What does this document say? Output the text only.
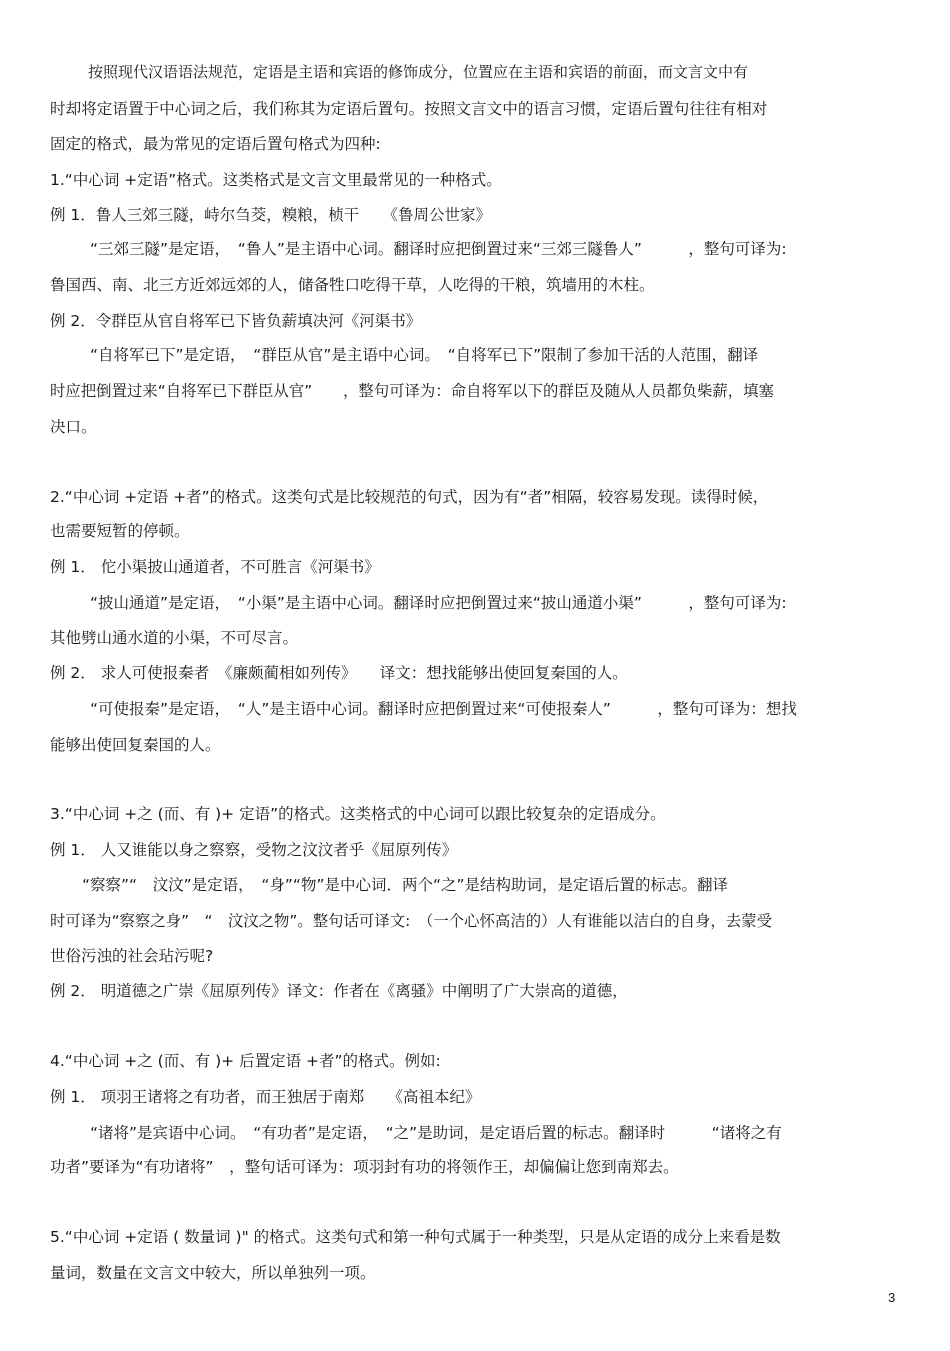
按照现代汉语语法规范，定语是主语和宾语的修饰成分，位置应在主语和宾语的前面，而文言文中有
时却将定语置于中心词之后，我们称其为定语后置句。按照文言文中的语言习惯，定语后置句往往有相对
固定的格式，最为常见的定语后置句格式为四种:
1.“中心词 +定语”格式。这类格式是文言文里最常见的一种格式。
例 1．鲁人三郊三隧，峙尔刍茭，糗粮，桢干　　《鲁周公世家》
“三郊三隧”是定语，　“鲁人”是主语中心词。翻译时应把倒置过来“三郊三隧鲁人”　　　，整句可译为:
鲁国西、南、北三方近郊远郊的人，储备牲口吃得干草，人吃得的干粮，筑墙用的木柱。
例 2．令群臣从官自将军已下皆负薪填决河《河渠书》
“自将军已下”是定语，　“群臣从官”是主语中心词。　“自将军已下”限制了参加干活的人范围，翻译
时应把倒置过来“自将军已下群臣从官”　　，整句可译为：命自将军以下的群臣及随从人员都负柴薪，填塞
决口。
2.“中心词 +定语 +者”的格式。这类句式是比较规范的句式，因为有“者”相隔，较容易发现。读得时候，
也需要短暂的停顿。
例 1． 佗小渠披山通道者，不可胜言《河渠书》
“披山通道”是定语，　“小渠”是主语中心词。翻译时应把倒置过来“披山通道小渠”　　　，整句可译为:
其他劈山通水道的小渠，不可尽言。
例 2． 求人可使报秦者　《廉颇蔺相如列传》　　译文：想找能够出使回复秦国的人。
“可使报秦”是定语，　“人”是主语中心词。翻译时应把倒置过来“可使报秦人”　　　，整句可译为：想找
能够出使回复秦国的人。
3.“中心词 +之 (而、有 )+ 定语”的格式。这类格式的中心词可以跟比较复杂的定语成分。
例 1． 人又谁能以身之察察，受物之汶汶者乎《屈原列传》
“察察”“　汶汶”是定语，　“身”“物”是中心词．两个“之”是结构助词，是定语后置的标志。翻译
时可译为“察察之身”　“　汶汶之物”。整句话可译文:　（一个心怀高洁的）人有谁能以洁白的自身，去蒙受
世俗污浊的社会玷污呢?
例 2． 明道德之广崇《屈原列传》译文：作者在《离骚》中阐明了广大崇高的道德，
4.“中心词 +之 (而、有 )+ 后置定语 +者”的格式。例如:
例 1． 项羽王诸将之有功者，而王独居于南郑　　《高祖本纪》
“诸将”是宾语中心词。　“有功者”是定语，　“之”是助词，是定语后置的标志。翻译时　　　“诸将之有
功者”要译为“有功诸将”　，整句话可译为：项羽封有功的将领作王，却偏偏让您到南郑去。
5.“中心词 +定语 ( 数量词 )" 的格式。这类句式和第一种句式属于一种类型，只是从定语的成分上来看是数
量词，数量在文言文中较大，所以单独列一项。
3
